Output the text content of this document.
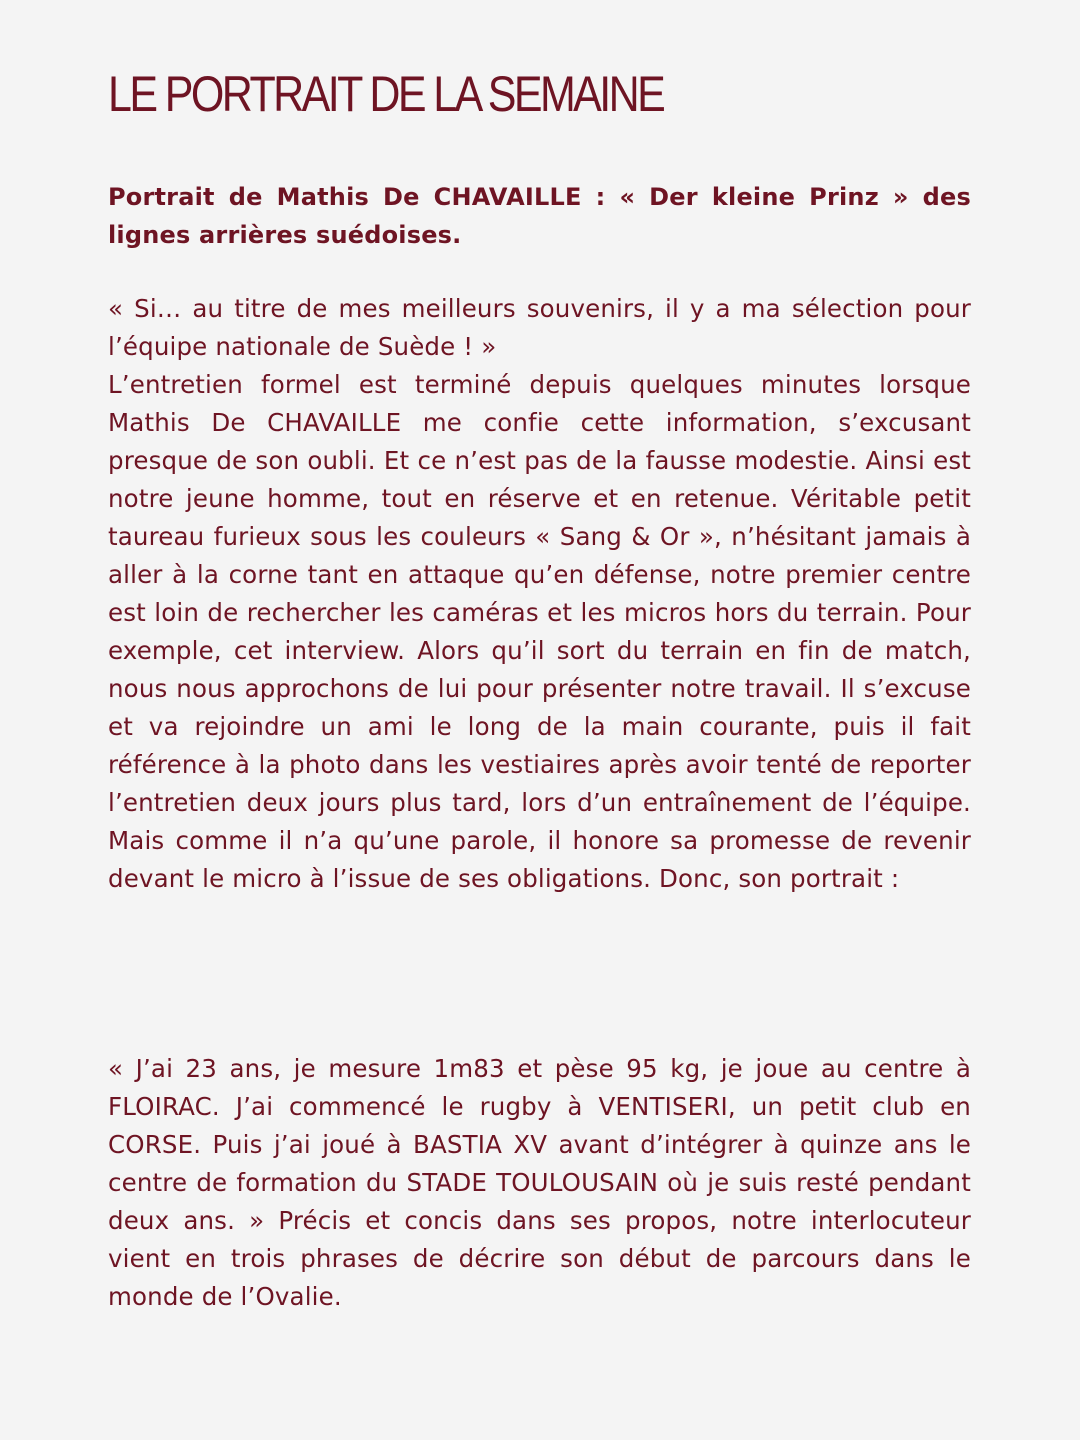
LE PORTRAIT DE LA SEMAINE
Portrait de Mathis De CHAVAILLE : « Der kleine Prinz » des lignes arrières suédoises.

« Si… au titre de mes meilleurs souvenirs, il y a ma sélection pour l’équipe nationale de Suède ! »

L’entretien formel est terminé depuis quelques minutes lorsque Mathis De CHAVAILLE me confie cette information, s’excusant presque de son oubli. Et ce n’est pas de la fausse modestie. Ainsi est notre jeune homme, tout en réserve et en retenue. Véritable petit taureau furieux sous les couleurs « Sang & Or », n’hésitant jamais à aller à la corne tant en attaque qu’en défense, notre premier centre est loin de rechercher les caméras et les micros hors du terrain. Pour exemple, cet interview. Alors qu’il sort du terrain en fin de match, nous nous approchons de lui pour présenter notre travail. Il s’excuse et va rejoindre un ami le long de la main courante, puis il fait référence à la photo dans les vestiaires après avoir tenté de reporter l’entretien deux jours plus tard, lors d’un entraînement de l’équipe. Mais comme il n’a qu’une parole, il honore sa promesse de revenir devant le micro à l’issue de ses obligations. Donc, son portrait :

« J’ai 23 ans, je mesure 1m83 et pèse 95 kg, je joue au centre à FLOIRAC. J’ai commencé le rugby à VENTISERI, un petit club en CORSE. Puis j’ai joué à BASTIA XV avant d’intégrer à quinze ans le centre de formation du STADE TOULOUSAIN où je suis resté pendant deux ans. » Précis et concis dans ses propos, notre interlocuteur vient en trois phrases de décrire son début de parcours dans le monde de l’Ovalie.
